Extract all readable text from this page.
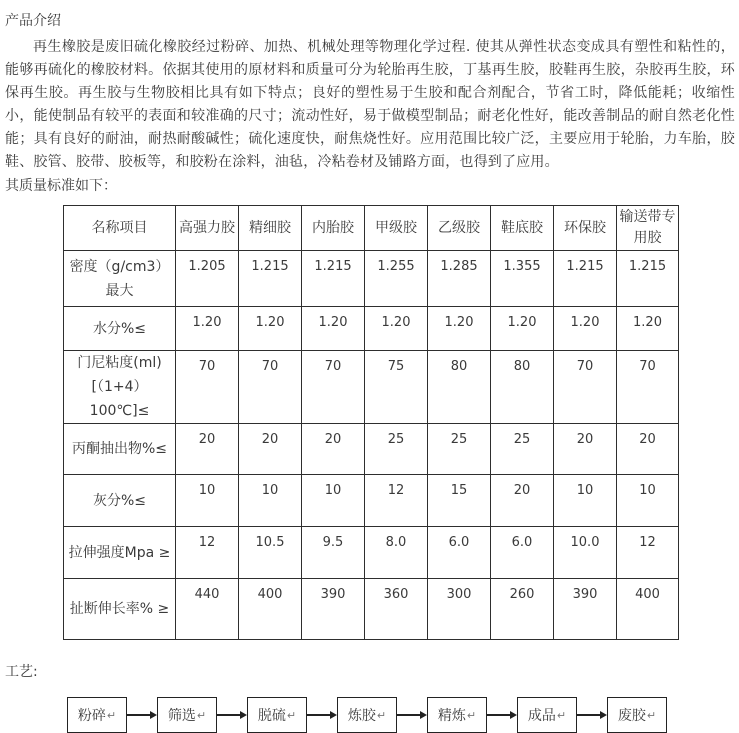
产品介绍

再生橡胶是废旧硫化橡胶经过粉碎、加热、机械处理等物理化学过程. 使其从弹性状态变成具有塑性和粘性的，能够再硫化的橡胶材料。依据其使用的原材料和质量可分为轮胎再生胶，丁基再生胶，胶鞋再生胶，杂胶再生胶，环保再生胶。再生胶与生物胶相比具有如下特点；良好的塑性易于生胶和配合剂配合，节省工时，降低能耗；收缩性小，能使制品有较平的表面和较准确的尺寸；流动性好，易于做模型制品；耐老化性好，能改善制品的耐自然老化性能；具有良好的耐油，耐热耐酸碱性；硫化速度快，耐焦烧性好。应用范围比较广泛，主要应用于轮胎，力车胎，胶鞋、胶管、胶带、胶板等，和胶粉在涂料，油毡，冷粘卷材及铺路方面，也得到了应用。

其质量标准如下：
名称项目	高强力胶	精细胶	内胎胶	甲级胶	乙级胶	鞋底胶	环保胶	输送带专用胶
密度（g/cm3）最大	1.205	1.215	1.215	1.255	1.285	1.355	1.215	1.215
水分%≤	1.20	1.20	1.20	1.20	1.20	1.20	1.20	1.20
门尼粘度(ml)[（1+4）100℃]≤	70	70	70	75	80	80	70	70
丙酮抽出物%≤	20	20	20	25	25	25	20	20
灰分%≤	10	10	10	12	15	20	10	10
拉伸强度Mpa ≥	12	10.5	9.5	8.0	6.0	6.0	10.0	12
扯断伸长率% ≥	440	400	390	360	300	260	390	400
工艺:
粉碎 ↵	筛选 ↵	脱硫 ↵	炼胶 ↵	精炼 ↵	成品 ↵	废胶 ↵
